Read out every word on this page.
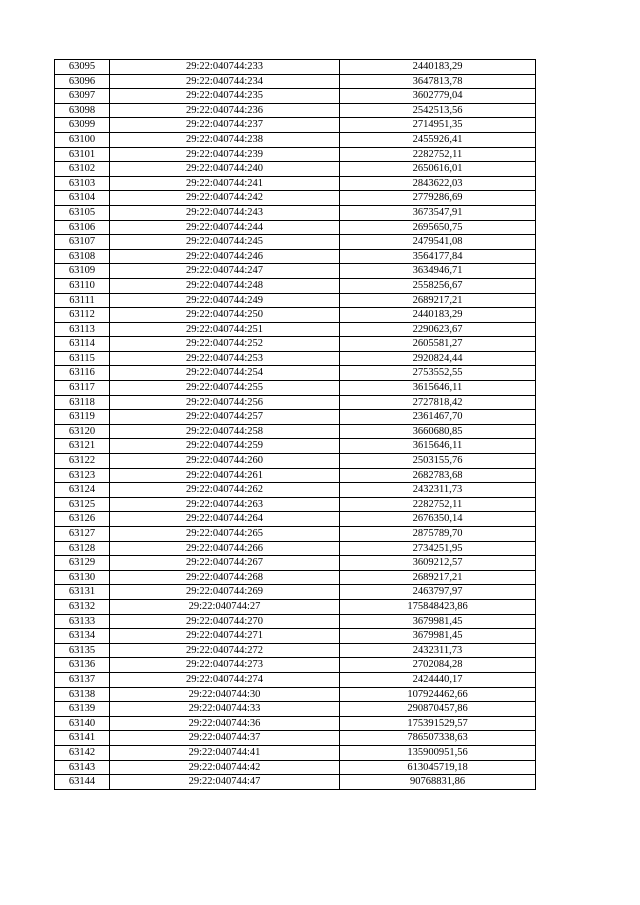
63095	29:22:040744:233	2440183,29
63096	29:22:040744:234	3647813,78
63097	29:22:040744:235	3602779,04
63098	29:22:040744:236	2542513,56
63099	29:22:040744:237	2714951,35
63100	29:22:040744:238	2455926,41
63101	29:22:040744:239	2282752,11
63102	29:22:040744:240	2650616,01
63103	29:22:040744:241	2843622,03
63104	29:22:040744:242	2779286,69
63105	29:22:040744:243	3673547,91
63106	29:22:040744:244	2695650,75
63107	29:22:040744:245	2479541,08
63108	29:22:040744:246	3564177,84
63109	29:22:040744:247	3634946,71
63110	29:22:040744:248	2558256,67
63111	29:22:040744:249	2689217,21
63112	29:22:040744:250	2440183,29
63113	29:22:040744:251	2290623,67
63114	29:22:040744:252	2605581,27
63115	29:22:040744:253	2920824,44
63116	29:22:040744:254	2753552,55
63117	29:22:040744:255	3615646,11
63118	29:22:040744:256	2727818,42
63119	29:22:040744:257	2361467,70
63120	29:22:040744:258	3660680,85
63121	29:22:040744:259	3615646,11
63122	29:22:040744:260	2503155,76
63123	29:22:040744:261	2682783,68
63124	29:22:040744:262	2432311,73
63125	29:22:040744:263	2282752,11
63126	29:22:040744:264	2676350,14
63127	29:22:040744:265	2875789,70
63128	29:22:040744:266	2734251,95
63129	29:22:040744:267	3609212,57
63130	29:22:040744:268	2689217,21
63131	29:22:040744:269	2463797,97
63132	29:22:040744:27	175848423,86
63133	29:22:040744:270	3679981,45
63134	29:22:040744:271	3679981,45
63135	29:22:040744:272	2432311,73
63136	29:22:040744:273	2702084,28
63137	29:22:040744:274	2424440,17
63138	29:22:040744:30	107924462,66
63139	29:22:040744:33	290870457,86
63140	29:22:040744:36	175391529,57
63141	29:22:040744:37	786507338,63
63142	29:22:040744:41	135900951,56
63143	29:22:040744:42	613045719,18
63144	29:22:040744:47	90768831,86
